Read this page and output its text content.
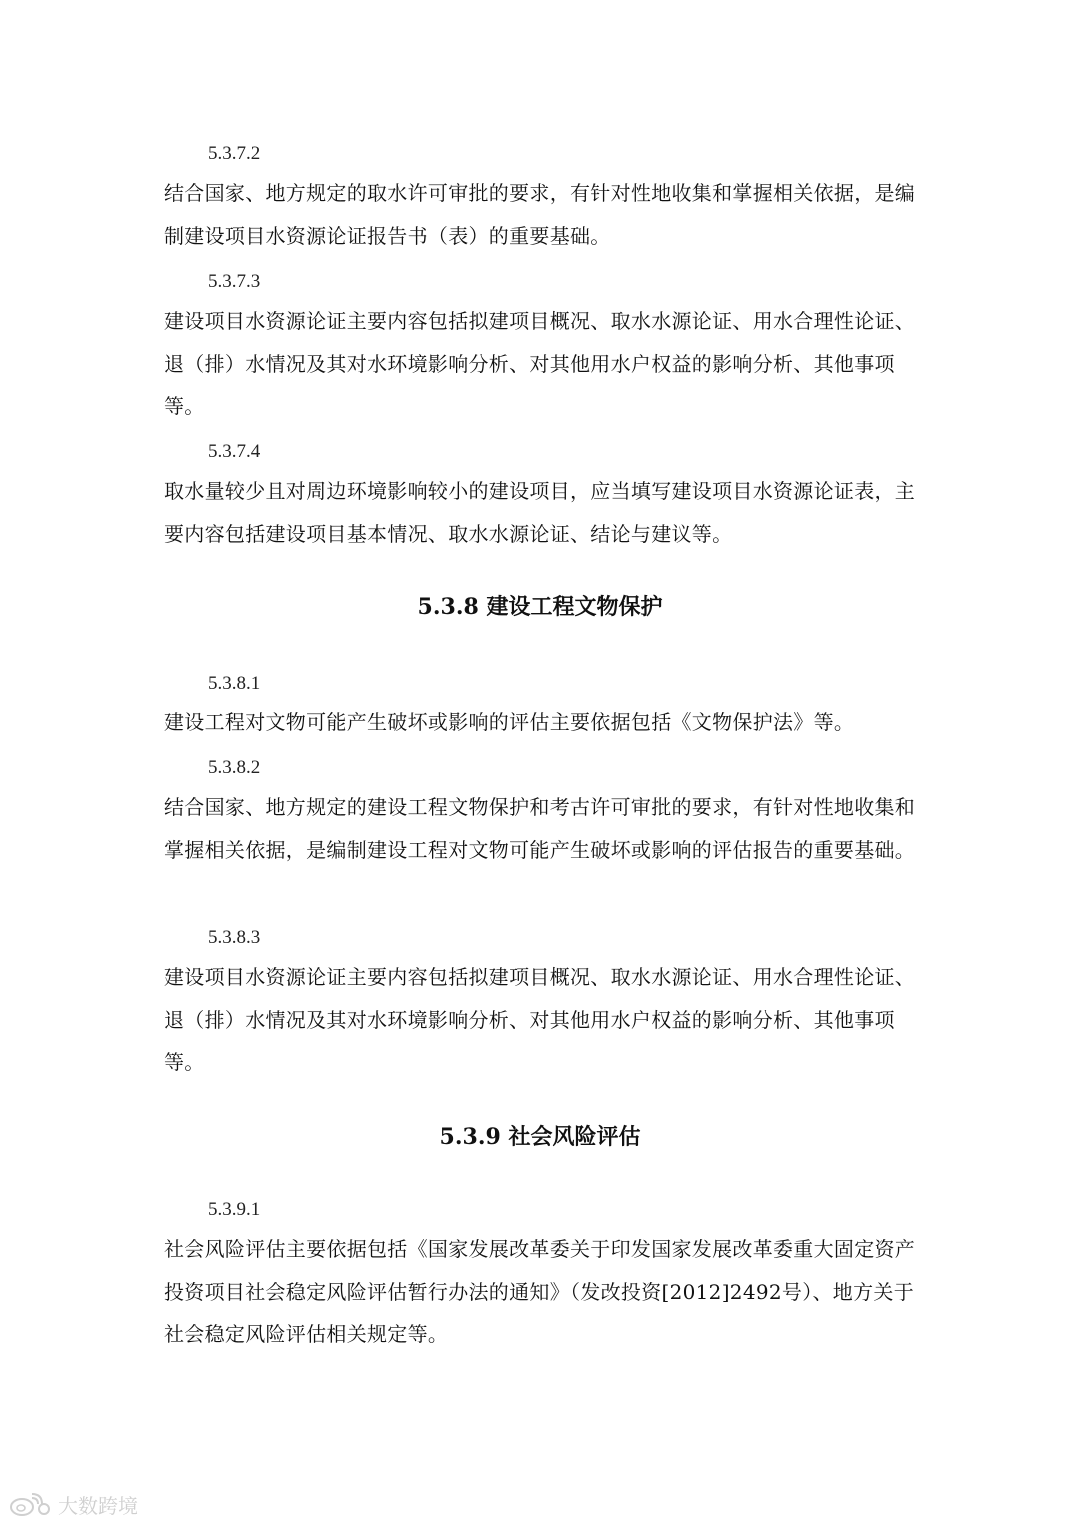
5.3.7.2

结合国家、地方规定的取水许可审批的要求，有针对性地收集和掌握相关依据，是编制建设项目水资源论证报告书（表）的重要基础。

5.3.7.3

建设项目水资源论证主要内容包括拟建项目概况、取水水源论证、用水合理性论证、退（排）水情况及其对水环境影响分析、对其他用水户权益的影响分析、其他事项等。

5.3.7.4

取水量较少且对周边环境影响较小的建设项目，应当填写建设项目水资源论证表，主要内容包括建设项目基本情况、取水水源论证、结论与建议等。

5.3.8 建设工程文物保护

5.3.8.1

建设工程对文物可能产生破坏或影响的评估主要依据包括《文物保护法》等。

5.3.8.2

结合国家、地方规定的建设工程文物保护和考古许可审批的要求，有针对性地收集和掌握相关依据，是编制建设工程对文物可能产生破坏或影响的评估报告的重要基础。

5.3.8.3

建设项目水资源论证主要内容包括拟建项目概况、取水水源论证、用水合理性论证、退（排）水情况及其对水环境影响分析、对其他用水户权益的影响分析、其他事项等。

5.3.9 社会风险评估

5.3.9.1

社会风险评估主要依据包括《国家发展改革委关于印发国家发展改革委重大固定资产投资项目社会稳定风险评估暂行办法的通知》（发改投资[2012]2492号）、地方关于社会稳定风险评估相关规定等。

大数跨境
